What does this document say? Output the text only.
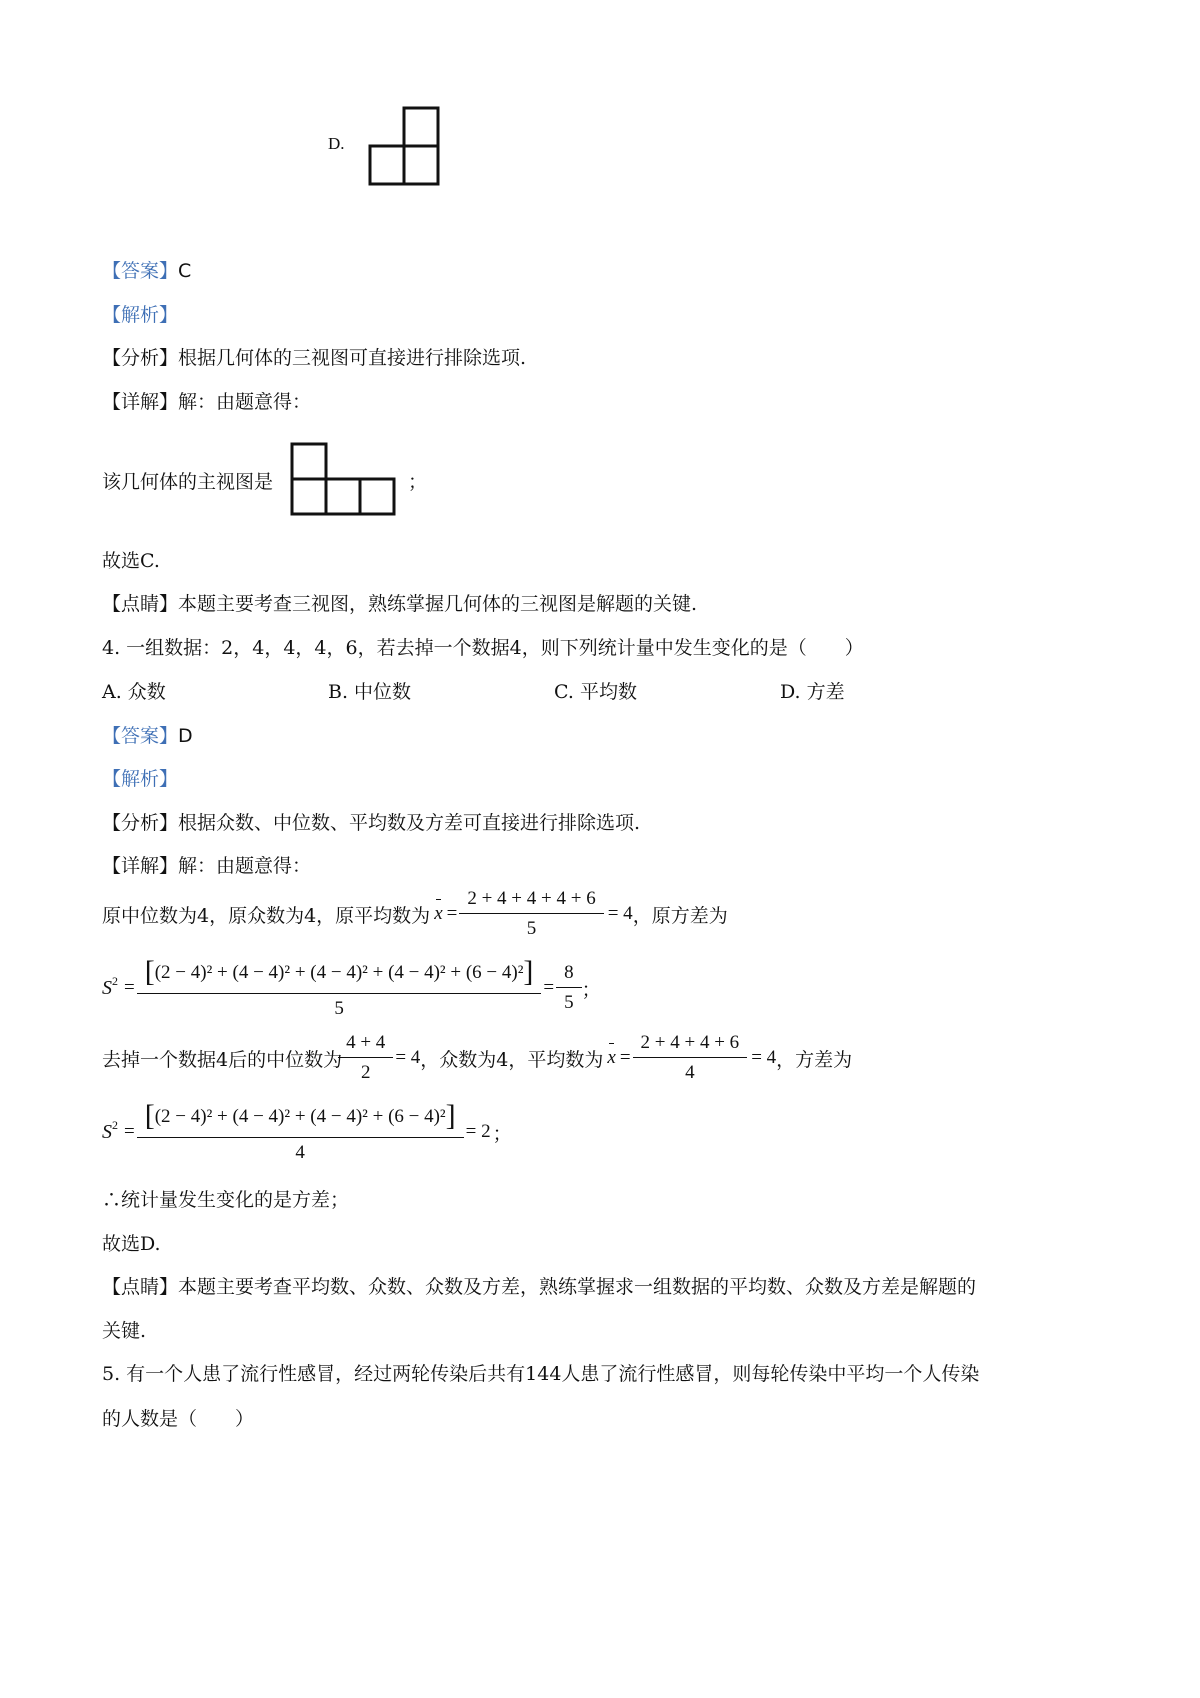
D.
【答案】C
【解析】
【分析】根据几何体的三视图可直接进行排除选项.
【详解】解：由题意得：
该几何体的主视图是	；
故选C.
【点睛】本题主要考查三视图，熟练掌握几何体的三视图是解题的关键.
4. 一组数据：2，4，4，4，6，若去掉一个数据4，则下列统计量中发生变化的是（　　）
A. 众数	B. 中位数	C. 平均数	D. 方差
【答案】D
【解析】
【分析】根据众数、中位数、平均数及方差可直接进行排除选项.
【详解】解：由题意得：
原中位数为4，原众数为4，原平均数为 $x = \frac{2 + 4 + 4 + 4 + 6}{5} = 4$ ，原方差为
$S^2 = \frac{\text{[(2 − 4)² + (4 − 4)² + (4 − 4)² + (4 − 4)² + (6 − 4)²]}}{5} = \frac{8}{5}$ ；
去掉一个数据4后的中位数为 $\frac{4 + 4}{2} = 4$ ，众数为4，平均数为 $x = \frac{2 + 4 + 4 + 6}{4} = 4$ ，方差为
$S^2 = \frac{\text{[(2 − 4)² + (4 − 4)² + (4 − 4)² + (6 − 4)²]}}{4} = 2$ ；
∴统计量发生变化的是方差；
故选D.
【点睛】本题主要考查平均数、众数、众数及方差，熟练掌握求一组数据的平均数、众数及方差是解题的
关键.
5. 有一个人患了流行性感冒，经过两轮传染后共有144人患了流行性感冒，则每轮传染中平均一个人传染
的人数是（　　）
